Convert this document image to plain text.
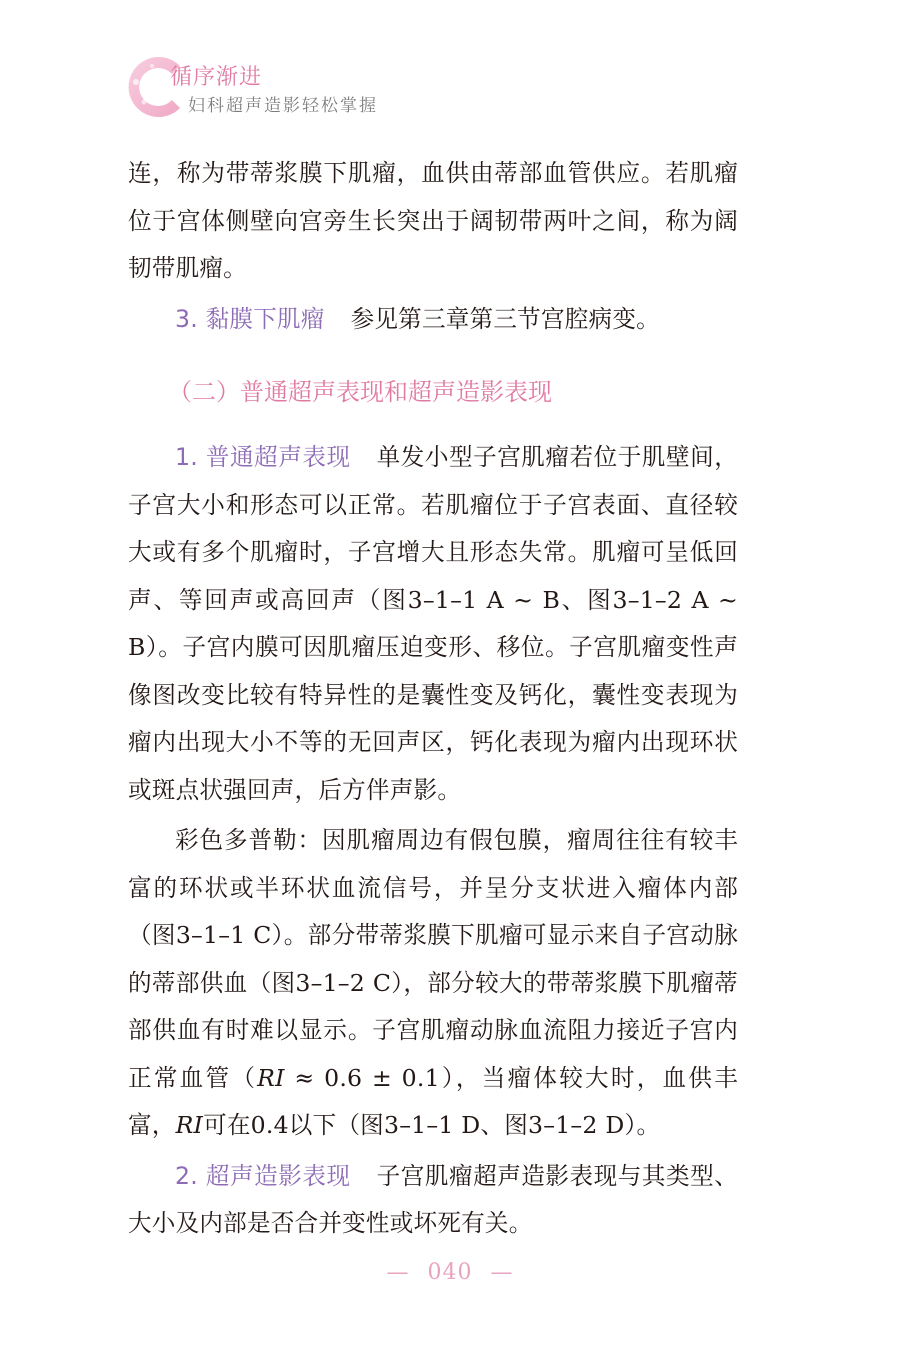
循序渐进
妇科超声造影轻松掌握

连，称为带蒂浆膜下肌瘤，血供由蒂部血管供应。若肌瘤位于宫体侧壁向宫旁生长突出于阔韧带两叶之间，称为阔韧带肌瘤。

3. 黏膜下肌瘤 参见第三章第三节宫腔病变。

（二）普通超声表现和超声造影表现

1. 普通超声表现 单发小型子宫肌瘤若位于肌壁间，子宫大小和形态可以正常。若肌瘤位于子宫表面、直径较大或有多个肌瘤时，子宫增大且形态失常。肌瘤可呈低回声、等回声或高回声（图3–1–1 A ~ B、图3–1–2 A ~ B）。子宫内膜可因肌瘤压迫变形、移位。子宫肌瘤变性声像图改变比较有特异性的是囊性变及钙化，囊性变表现为瘤内出现大小不等的无回声区，钙化表现为瘤内出现环状或斑点状强回声，后方伴声影。

彩色多普勒：因肌瘤周边有假包膜，瘤周往往有较丰富的环状或半环状血流信号，并呈分支状进入瘤体内部（图3–1–1 C）。部分带蒂浆膜下肌瘤可显示来自子宫动脉的蒂部供血（图3–1–2 C），部分较大的带蒂浆膜下肌瘤蒂部供血有时难以显示。子宫肌瘤动脉血流阻力接近子宫内正常血管（RI ≈ 0.6 ± 0.1），当瘤体较大时，血供丰富，RI可在0.4以下（图3–1–1 D、图3–1–2 D）。

2. 超声造影表现 子宫肌瘤超声造影表现与其类型、大小及内部是否合并变性或坏死有关。

— 040 —
